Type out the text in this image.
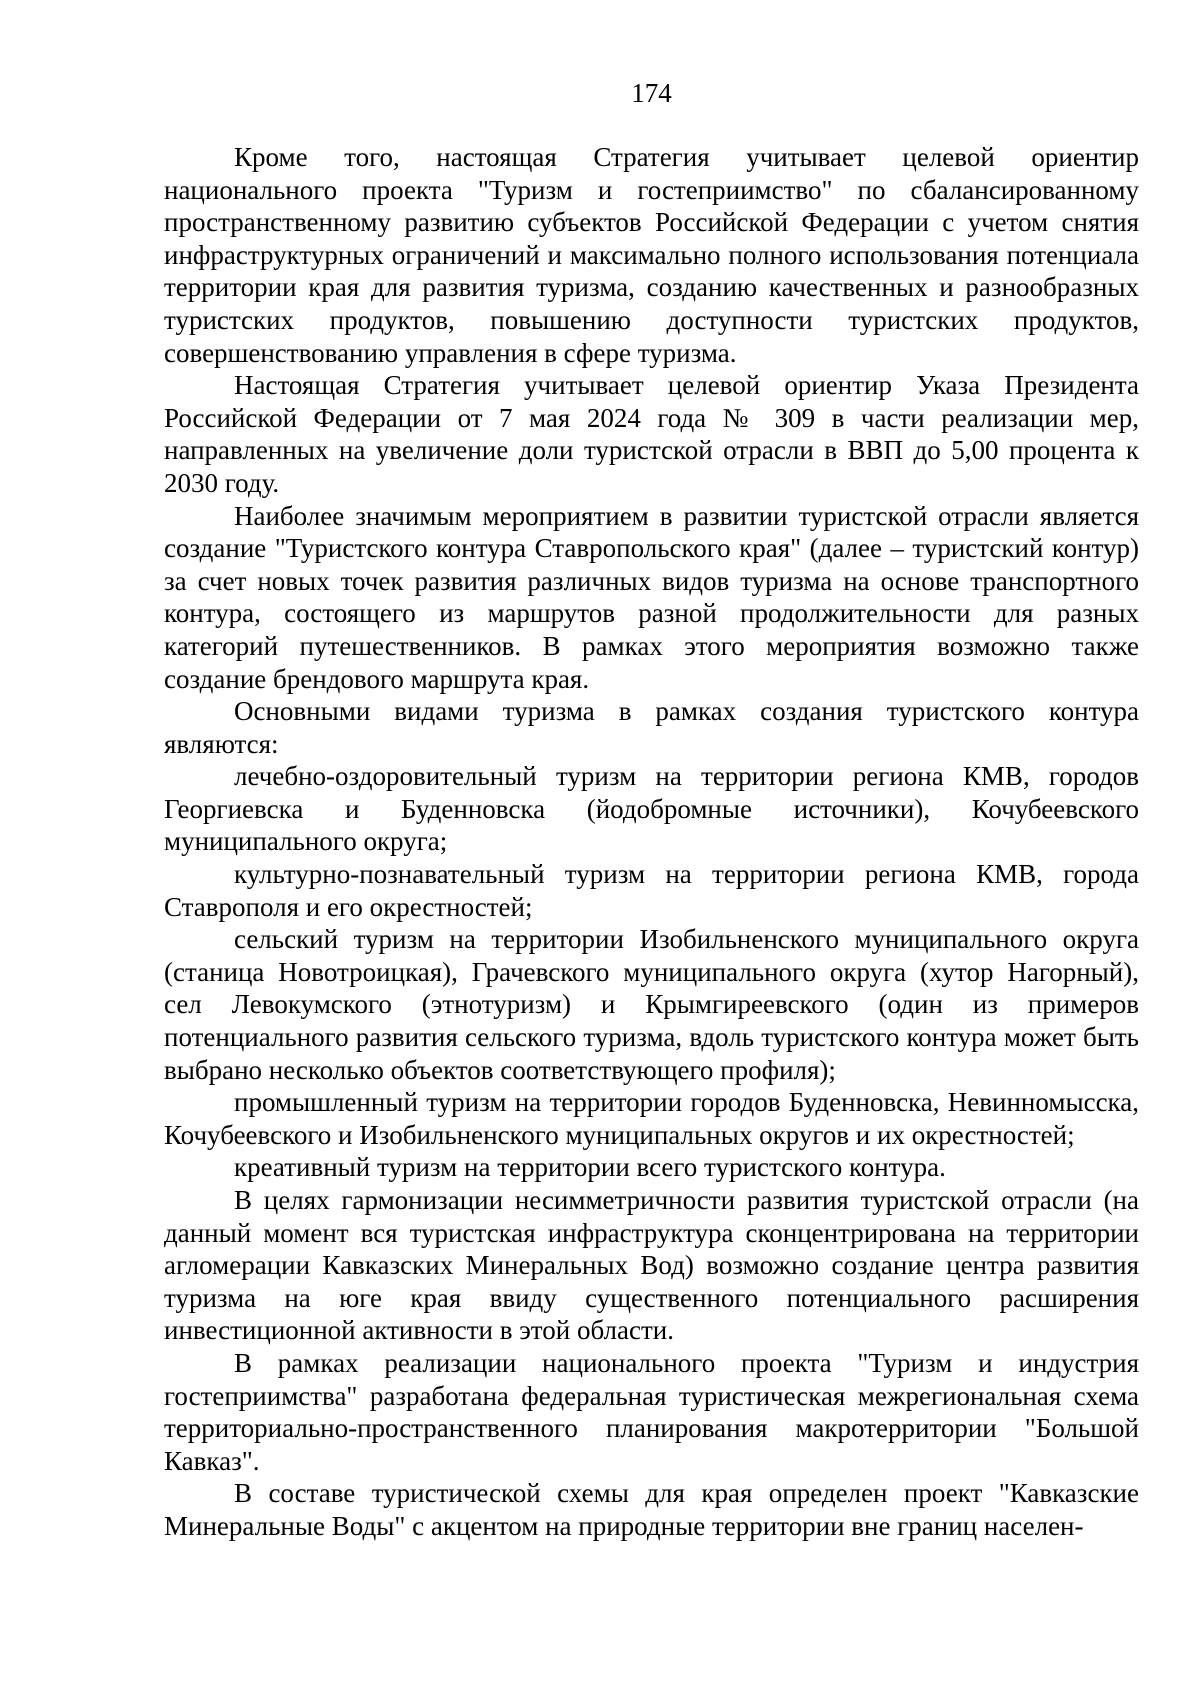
174

Кроме того, настоящая Стратегия учитывает целевой ориентир национального проекта "Туризм и гостеприимство" по сбалансированному пространственному развитию субъектов Российской Федерации с учетом снятия инфраструктурных ограничений и максимально полного использования потенциала территории края для развития туризма, созданию качественных и разнообразных туристских продуктов, повышению доступности туристских продуктов, совершенствованию управления в сфере туризма.

Настоящая Стратегия учитывает целевой ориентир Указа Президента Российской Федерации от 7 мая 2024 года № 309 в части реализации мер, направленных на увеличение доли туристской отрасли в ВВП до 5,00 процента к 2030 году.

Наиболее значимым мероприятием в развитии туристской отрасли является создание "Туристского контура Ставропольского края" (далее – туристский контур) за счет новых точек развития различных видов туризма на основе транспортного контура, состоящего из маршрутов разной продолжительности для разных категорий путешественников. В рамках этого мероприятия возможно также создание брендового маршрута края.

Основными видами туризма в рамках создания туристского контура являются:

лечебно-оздоровительный туризм на территории региона КМВ, городов Георгиевска и Буденновска (йодобромные источники), Кочубеевского муниципального округа;

культурно-познавательный туризм на территории региона КМВ, города Ставрополя и его окрестностей;

сельский туризм на территории Изобильненского муниципального округа (станица Новотроицкая), Грачевского муниципального округа (хутор Нагорный), сел Левокумского (этнотуризм) и Крымгиреевского (один из примеров потенциального развития сельского туризма, вдоль туристского контура может быть выбрано несколько объектов соответствующего профиля);

промышленный туризм на территории городов Буденновска, Невинномысска, Кочубеевского и Изобильненского муниципальных округов и их окрестностей;

креативный туризм на территории всего туристского контура.

В целях гармонизации несимметричности развития туристской отрасли (на данный момент вся туристская инфраструктура сконцентрирована на территории агломерации Кавказских Минеральных Вод) возможно создание центра развития туризма на юге края ввиду существенного потенциального расширения инвестиционной активности в этой области.

В рамках реализации национального проекта "Туризм и индустрия гостеприимства" разработана федеральная туристическая межрегиональная схема территориально-пространственного планирования макротерритории "Большой Кавказ".

В составе туристической схемы для края определен проект "Кавказские Минеральные Воды" с акцентом на природные территории вне границ населен-
